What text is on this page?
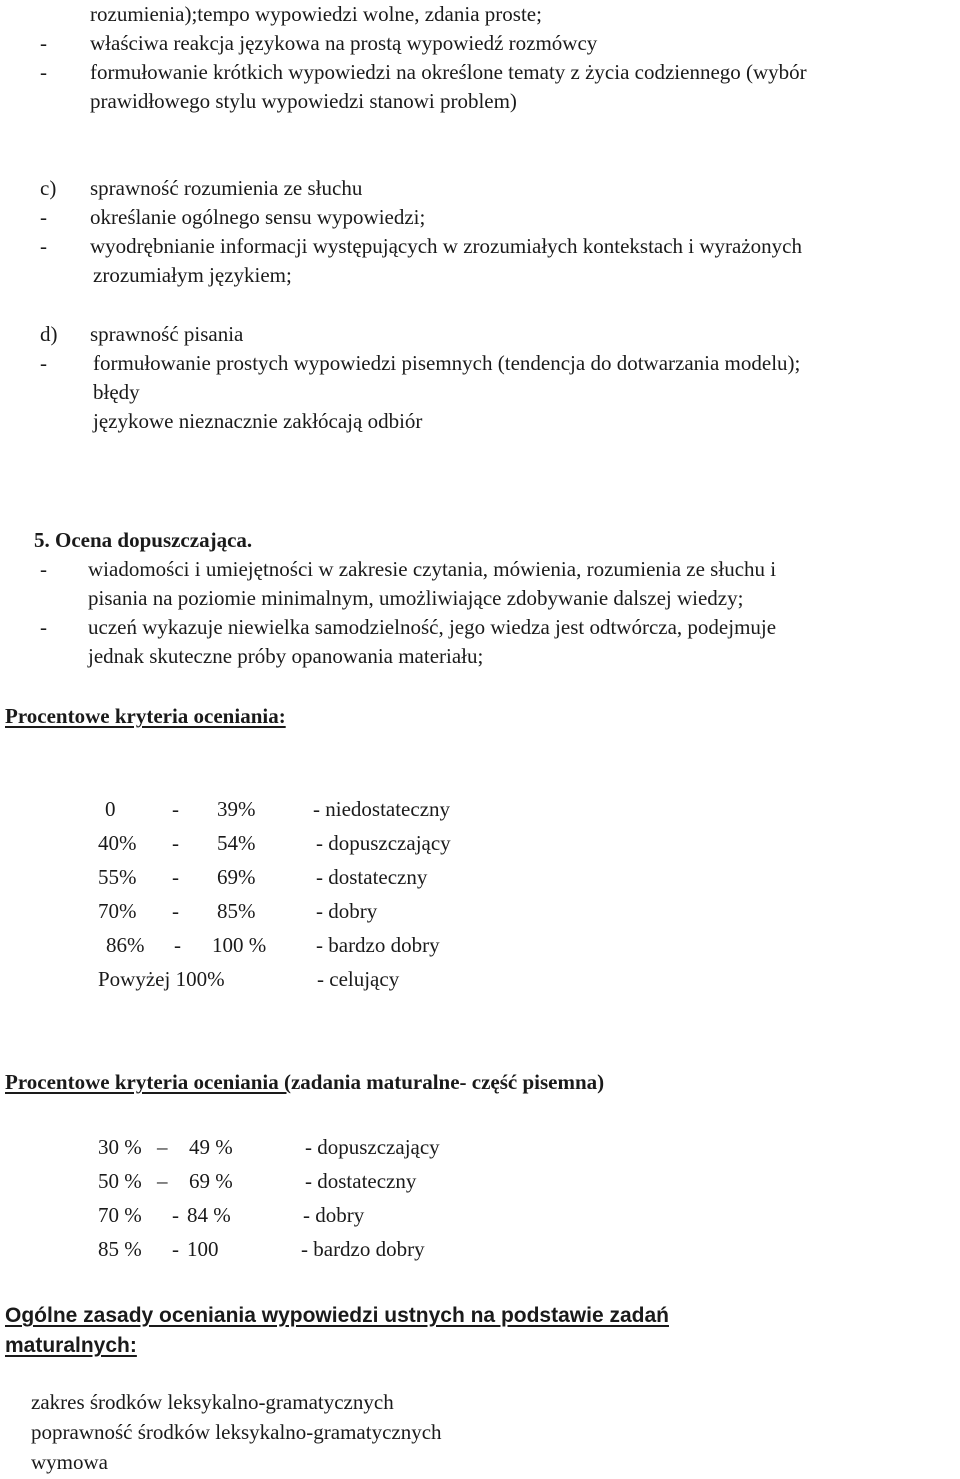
rozumienia);tempo wypowiedzi wolne, zdania proste;
- właściwa reakcja językowa na prostą wypowiedź rozmówcy
- formułowanie krótkich wypowiedzi na określone tematy z życia codziennego (wybór
prawidłowego stylu wypowiedzi stanowi problem)
c) sprawność rozumienia ze słuchu
- określanie ogólnego sensu wypowiedzi;
- wyodrębnianie informacji występujących w zrozumiałych kontekstach i wyrażonych
zrozumiałym językiem;
d) sprawność pisania
- formułowanie prostych wypowiedzi pisemnych (tendencja do dotwarzania modelu);
błędy
językowe nieznacznie zakłócają odbiór
5. Ocena dopuszczająca.
- wiadomości i umiejętności w zakresie czytania, mówienia, rozumienia ze słuchu i
pisania na poziomie minimalnym, umożliwiające zdobywanie dalszej wiedzy;
- uczeń wykazuje niewielka samodzielność, jego wiedza jest odtwórcza, podejmuje
jednak skuteczne próby opanowania materiału;
Procentowe kryteria oceniania:
0	- 39%	- niedostateczny
40% - 54%	- dopuszczający
55% - 69%	- dostateczny
70% - 85%	- dobry
86% - 100 % - bardzo dobry
Powyżej 100%	- celujący
Procentowe kryteria oceniania (zadania maturalne- część pisemna)
30 % – 49 %	- dopuszczający
50 % – 69 %	- dostateczny
70 % - 84 %	- dobry
85 % - 100	- bardzo dobry
Ogólne zasady oceniania wypowiedzi ustnych na podstawie zadań
maturalnych:
zakres środków leksykalno-gramatycznych
poprawność środków leksykalno-gramatycznych
wymowa
